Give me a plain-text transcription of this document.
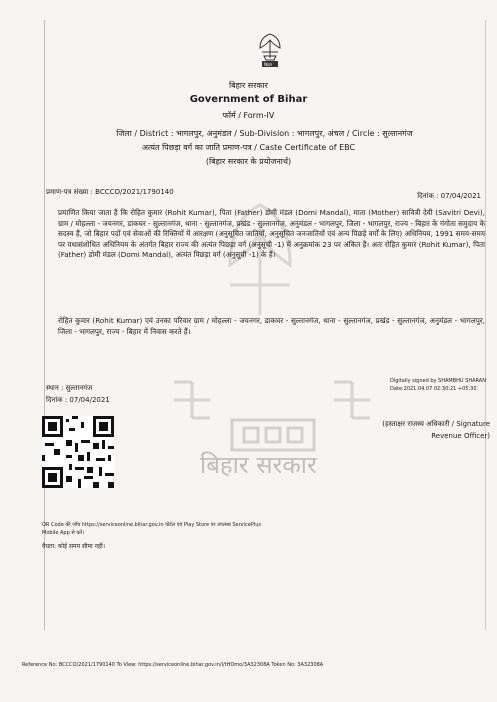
बिहार
बिहार सरकार
Government of Bihar
फॉर्म / Form-IV
जिला / District : भागलपुर, अनुमंडल / Sub-Division : भागलपुर, अंचल / Circle : सुल्तानगंज
अत्यंत पिछड़ा वर्ग का जाति प्रमाण-पत्र / Caste Certificate of EBC
(बिहार सरकार के प्रयोजनार्थ)
प्रमाण-पत्र संख्या : BCCCO/2021/1790140	दिनांक : 07/04/2021
प्रमाणित किया जाता है कि रोहित कुमार (Rohit Kumar), पिता (Father) डोमी मंडल (Domi Mandal), माता (Mother) सावित्री देवी (Savitri Devi), ग्राम / मोहल्ला - जयनगर, डाकघर - सुल्तानगंज, थाना - सुल्तानगंज, प्रखंड - सुल्तानगंज, अनुमंडल - भागलपुर, जिला - भागलपुर, राज्य - बिहार के गंगोता समुदाय के सदस्य हैं, जो बिहार पदों एवं सेवाओं की रिक्तियों में आरक्षण (अनुसूचित जातियों, अनुसूचित जनजातियों एवं अन्य पिछड़े वर्गों के लिए) अधिनियम, 1991 समय-समय पर यथासंशोधित अधिनियम के अंतर्गत बिहार राज्य की अत्यंत पिछड़ा वर्ग (अनुसूची -1) में अनुक्रमांक 23 पर अंकित हैं। अतः रोहित कुमार (Rohit Kumar), पिता (Father) डोमी मंडल (Domi Mandal), अत्यंत पिछड़ा वर्ग (अनुसूची -1) के हैं।
रोहित कुमार (Rohit Kumar) एवं उनका परिवार ग्राम / मोहल्ला - जयनगर, डाकघर - सुल्तानगंज, थाना - सुल्तानगंज, प्रखंड - सुल्तानगंज, अनुमंडल - भागलपुर, जिला - भागलपुर, राज्य - बिहार में निवास करते हैं।
बिहार सरकार
Digitally signed by SHAMBHU SHARAN
Date:2021.04.07 02:30:21 +05:30
(हस्ताक्षर राजस्व अधिकारी / Signature
Revenue Officer)
स्थान : सुल्तानगंज
दिनांक : 07/04/2021
QR Code की जाँच https://serviceonline.bihar.gov.in पोर्टल एवं Play Store पर उपलब्ध ServicePlus
Mobile App से करें।
वैधता: कोई समय सीमा नहीं।
Reference No: BCCCO/2021/1790140 To View: https://serviceonline.bihar.gov.in/l/tHOmo/3A32308A Token No: 3A32308A
